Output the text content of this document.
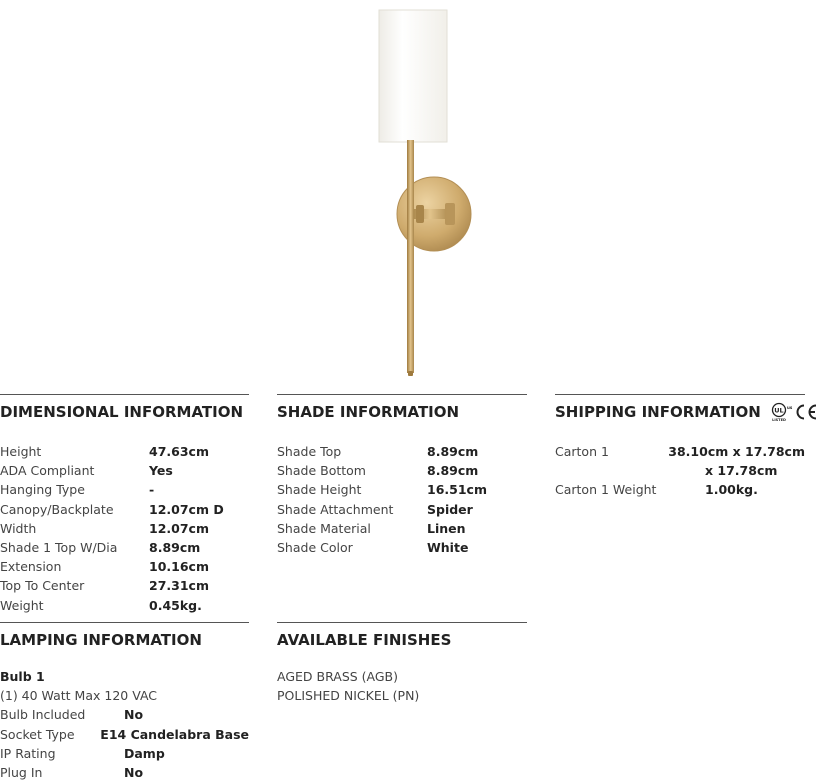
DIMENSIONAL INFORMATION
Height	47.63cm
ADA Compliant	Yes
Hanging Type	-
Canopy/Backplate	12.07cm D
Width	12.07cm
Shade 1 Top W/Dia	8.89cm
Extension	10.16cm
Top To Center	27.31cm
Weight	0.45kg.
SHADE INFORMATION
Shade Top	8.89cm
Shade Bottom	8.89cm
Shade Height	16.51cm
Shade Attachment	Spider
Shade Material	Linen
Shade Color	White
SHIPPING INFORMATION UL us
LISTED
Carton 1	38.10cm x 17.78cm
x 17.78cm
Carton 1 Weight	1.00kg.
LAMPING INFORMATION
Bulb 1
(1) 40 Watt Max 120 VAC
Bulb Included	No
Socket Type	E14 Candelabra Base
IP Rating	Damp
Plug In	No
AVAILABLE FINISHES
AGED BRASS (AGB)
POLISHED NICKEL (PN)
